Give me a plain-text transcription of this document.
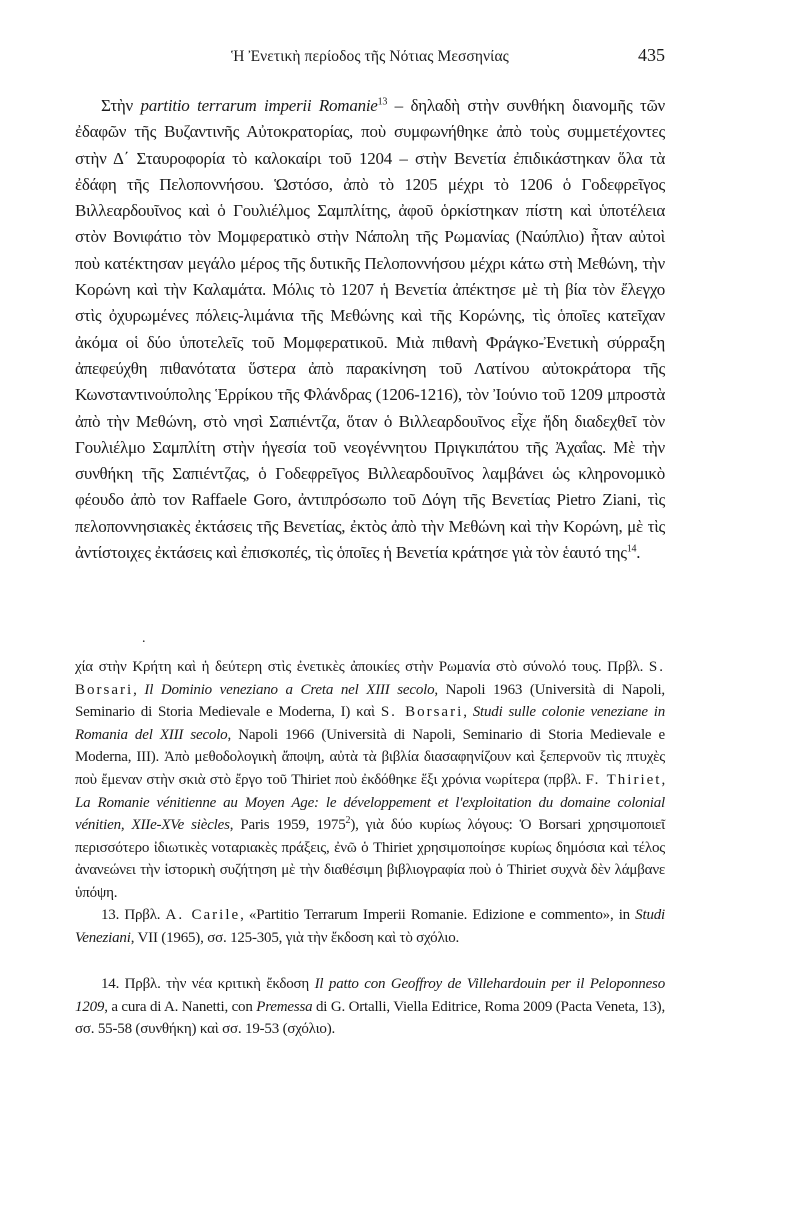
Ἡ Ἐνετικὴ περίοδος τῆς Νότιας Μεσσηνίας	435

Στὴν partitio terrarum imperii Romanie$^{13}$ – δηλαδὴ στὴν συνθήκη διανομῆς τῶν ἐδαφῶν τῆς Βυζαντινῆς Αὐτοκρατορίας, ποὺ συμφωνήθηκε ἀπὸ τοὺς συμμετέχοντες στὴν Δ΄ Σταυροφορία τὸ καλοκαίρι τοῦ 1204 – στὴν Βενετία ἐπιδικάστηκαν ὅλα τὰ ἐδάφη τῆς Πελοποννήσου. Ὡστόσο, ἀπὸ τὸ 1205 μέχρι τὸ 1206 ὁ Γοδεφρεῖγος Βιλλεαρδουῖνος καὶ ὁ Γουλιέλμος Σαμπλίτης, ἀφοῦ ὁρκίστηκαν πίστη καὶ ὑποτέλεια στὸν Βονιφάτιο τὸν Μομφερατικὸ στὴν Νάπολη τῆς Ρωμανίας (Ναύπλιο) ἦταν αὐτοὶ ποὺ κατέκτησαν μεγάλο μέρος τῆς δυτικῆς Πελοποννήσου μέχρι κάτω στὴ Μεθώνη, τὴν Κορώνη καὶ τὴν Καλαμάτα. Μόλις τὸ 1207 ἡ Βενετία ἀπέκτησε μὲ τὴ βία τὸν ἔλεγχο στὶς ὀχυρωμένες πόλεις-λιμάνια τῆς Μεθώνης καὶ τῆς Κορώνης, τὶς ὁποῖες κατεῖχαν ἀκόμα οἱ δύο ὑποτελεῖς τοῦ Μομφερατικοῦ. Μιὰ πιθανὴ Φράγκο-Ἐνετικὴ σύρραξη ἀπεφεύχθη πιθανότατα ὕστερα ἀπὸ παρακίνηση τοῦ Λατίνου αὐτοκράτορα τῆς Κωνσταντινούπολης Ἑρρίκου τῆς Φλάνδρας (1206-1216), τὸν Ἰούνιο τοῦ 1209 μπροστὰ ἀπὸ τὴν Μεθώνη, στὸ νησὶ Σαπιέντζα, ὅταν ὁ Βιλλεαρδουῖνος εἶχε ἤδη διαδεχθεῖ τὸν Γουλιέλμο Σαμπλίτη στὴν ἡγεσία τοῦ νεογέννητου Πριγκιπάτου τῆς Ἀχαΐας. Μὲ τὴν συνθήκη τῆς Σαπιέντζας, ὁ Γοδεφρεῖγος Βιλλεαρδουῖνος λαμβάνει ὡς κληρονομικὸ φέουδο ἀπὸ τον Raffaele Goro, ἀντιπρόσωπο τοῦ Δόγη τῆς Βενετίας Pietro Ziani, τὶς πελοποννησιακὲς ἐκτάσεις τῆς Βενετίας, ἐκτὸς ἀπὸ τὴν Μεθώνη καὶ τὴν Κορώνη, μὲ τὶς ἀντίστοιχες ἐκτάσεις καὶ ἐπισκοπές, τὶς ὁποῖες ἡ Βενετία κράτησε γιὰ τὸν ἑαυτό της$^{14}$.

.

χία στὴν Κρήτη καὶ ἡ δεύτερη στὶς ἐνετικὲς ἀποικίες στὴν Ρωμανία στὸ σύνολό τους. Πρβλ. S. Borsari, Il Dominio veneziano a Creta nel XIII secolo, Napoli 1963 (Università di Napoli, Seminario di Storia Medievale e Moderna, I) καὶ S. Borsari, Studi sulle colonie veneziane in Romania del XIII secolo, Napoli 1966 (Università di Napoli, Seminario di Storia Medievale e Moderna, III). Ἀπὸ μεθοδολογικὴ ἄποψη, αὐτὰ τὰ βιβλία διασαφηνίζουν καὶ ξεπερνοῦν τὶς πτυχὲς ποὺ ἔμεναν στὴν σκιὰ στὸ ἔργο τοῦ Thiriet ποὺ ἐκδόθηκε ἕξι χρόνια νωρίτερα (πρβλ. F. Thiriet, La Romanie vénitienne au Moyen Age: le développement et l'exploitation du domaine colonial vénitien, XIIe-XVe siècles, Paris 1959, 1975$^2$), γιὰ δύο κυρίως λόγους: Ὁ Borsari χρησιμοποιεῖ περισσότερο ἰδιωτικὲς νοταριακὲς πράξεις, ἐνῶ ὁ Thiriet χρησιμοποίησε κυρίως δημόσια καὶ τέλος ἀνανεώνει τὴν ἱστορικὴ συζήτηση μὲ τὴν διαθέσιμη βιβλιογραφία ποὺ ὁ Thiriet συχνὰ δὲν λάμβανε ὑπόψη.

13. Πρβλ. A. Carile, «Partitio Terrarum Imperii Romanie. Edizione e commento», in Studi Veneziani, VII (1965), σσ. 125-305, γιὰ τὴν ἔκδοση καὶ τὸ σχόλιο.

14. Πρβλ. τὴν νέα κριτικὴ ἔκδοση Il patto con Geoffroy de Villehardouin per il Peloponneso 1209, a cura di A. Nanetti, con Premessa di G. Ortalli, Viella Editrice, Roma 2009 (Pacta Veneta, 13), σσ. 55-58 (συνθήκη) καὶ σσ. 19-53 (σχόλιο).
